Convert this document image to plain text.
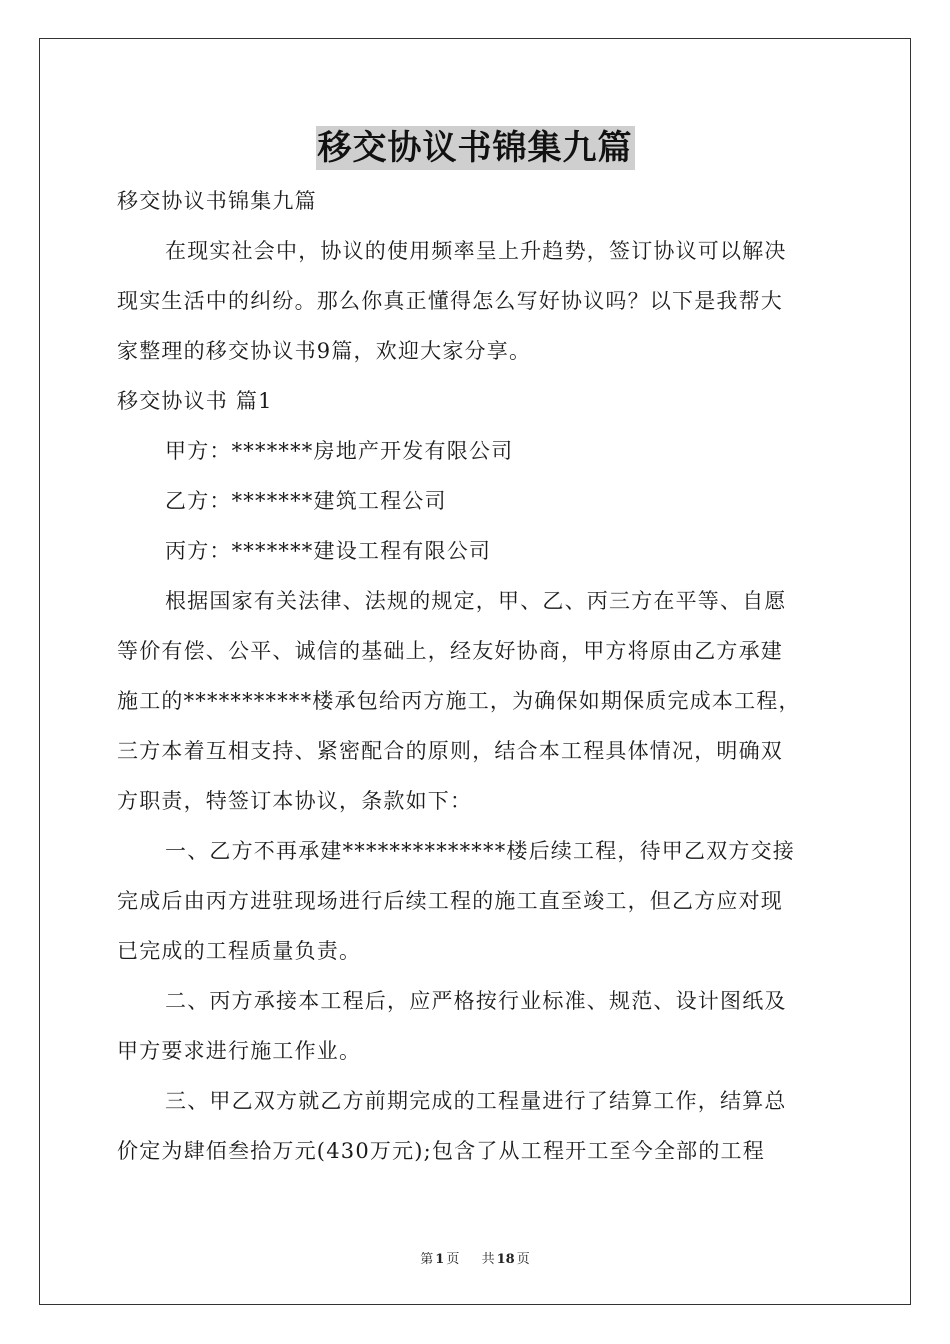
移交协议书锦集九篇
移交协议书锦集九篇
在现实社会中，协议的使用频率呈上升趋势，签订协议可以解决
现实生活中的纠纷。那么你真正懂得怎么写好协议吗？以下是我帮大
家整理的移交协议书9篇，欢迎大家分享。
移交协议书 篇1
甲方：*******房地产开发有限公司
乙方：*******建筑工程公司
丙方：*******建设工程有限公司
根据国家有关法律、法规的规定，甲、乙、丙三方在平等、自愿
等价有偿、公平、诚信的基础上，经友好协商，甲方将原由乙方承建
施工的***********楼承包给丙方施工，为确保如期保质完成本工程，
三方本着互相支持、紧密配合的原则，结合本工程具体情况，明确双
方职责，特签订本协议，条款如下：
一、乙方不再承建**************楼后续工程，待甲乙双方交接
完成后由丙方进驻现场进行后续工程的施工直至竣工，但乙方应对现
已完成的工程质量负责。
二、丙方承接本工程后，应严格按行业标准、规范、设计图纸及
甲方要求进行施工作业。
三、甲乙双方就乙方前期完成的工程量进行了结算工作，结算总
价定为肆佰叁拾万元(430万元);包含了从工程开工至今全部的工程
第 1 页 共 18 页
